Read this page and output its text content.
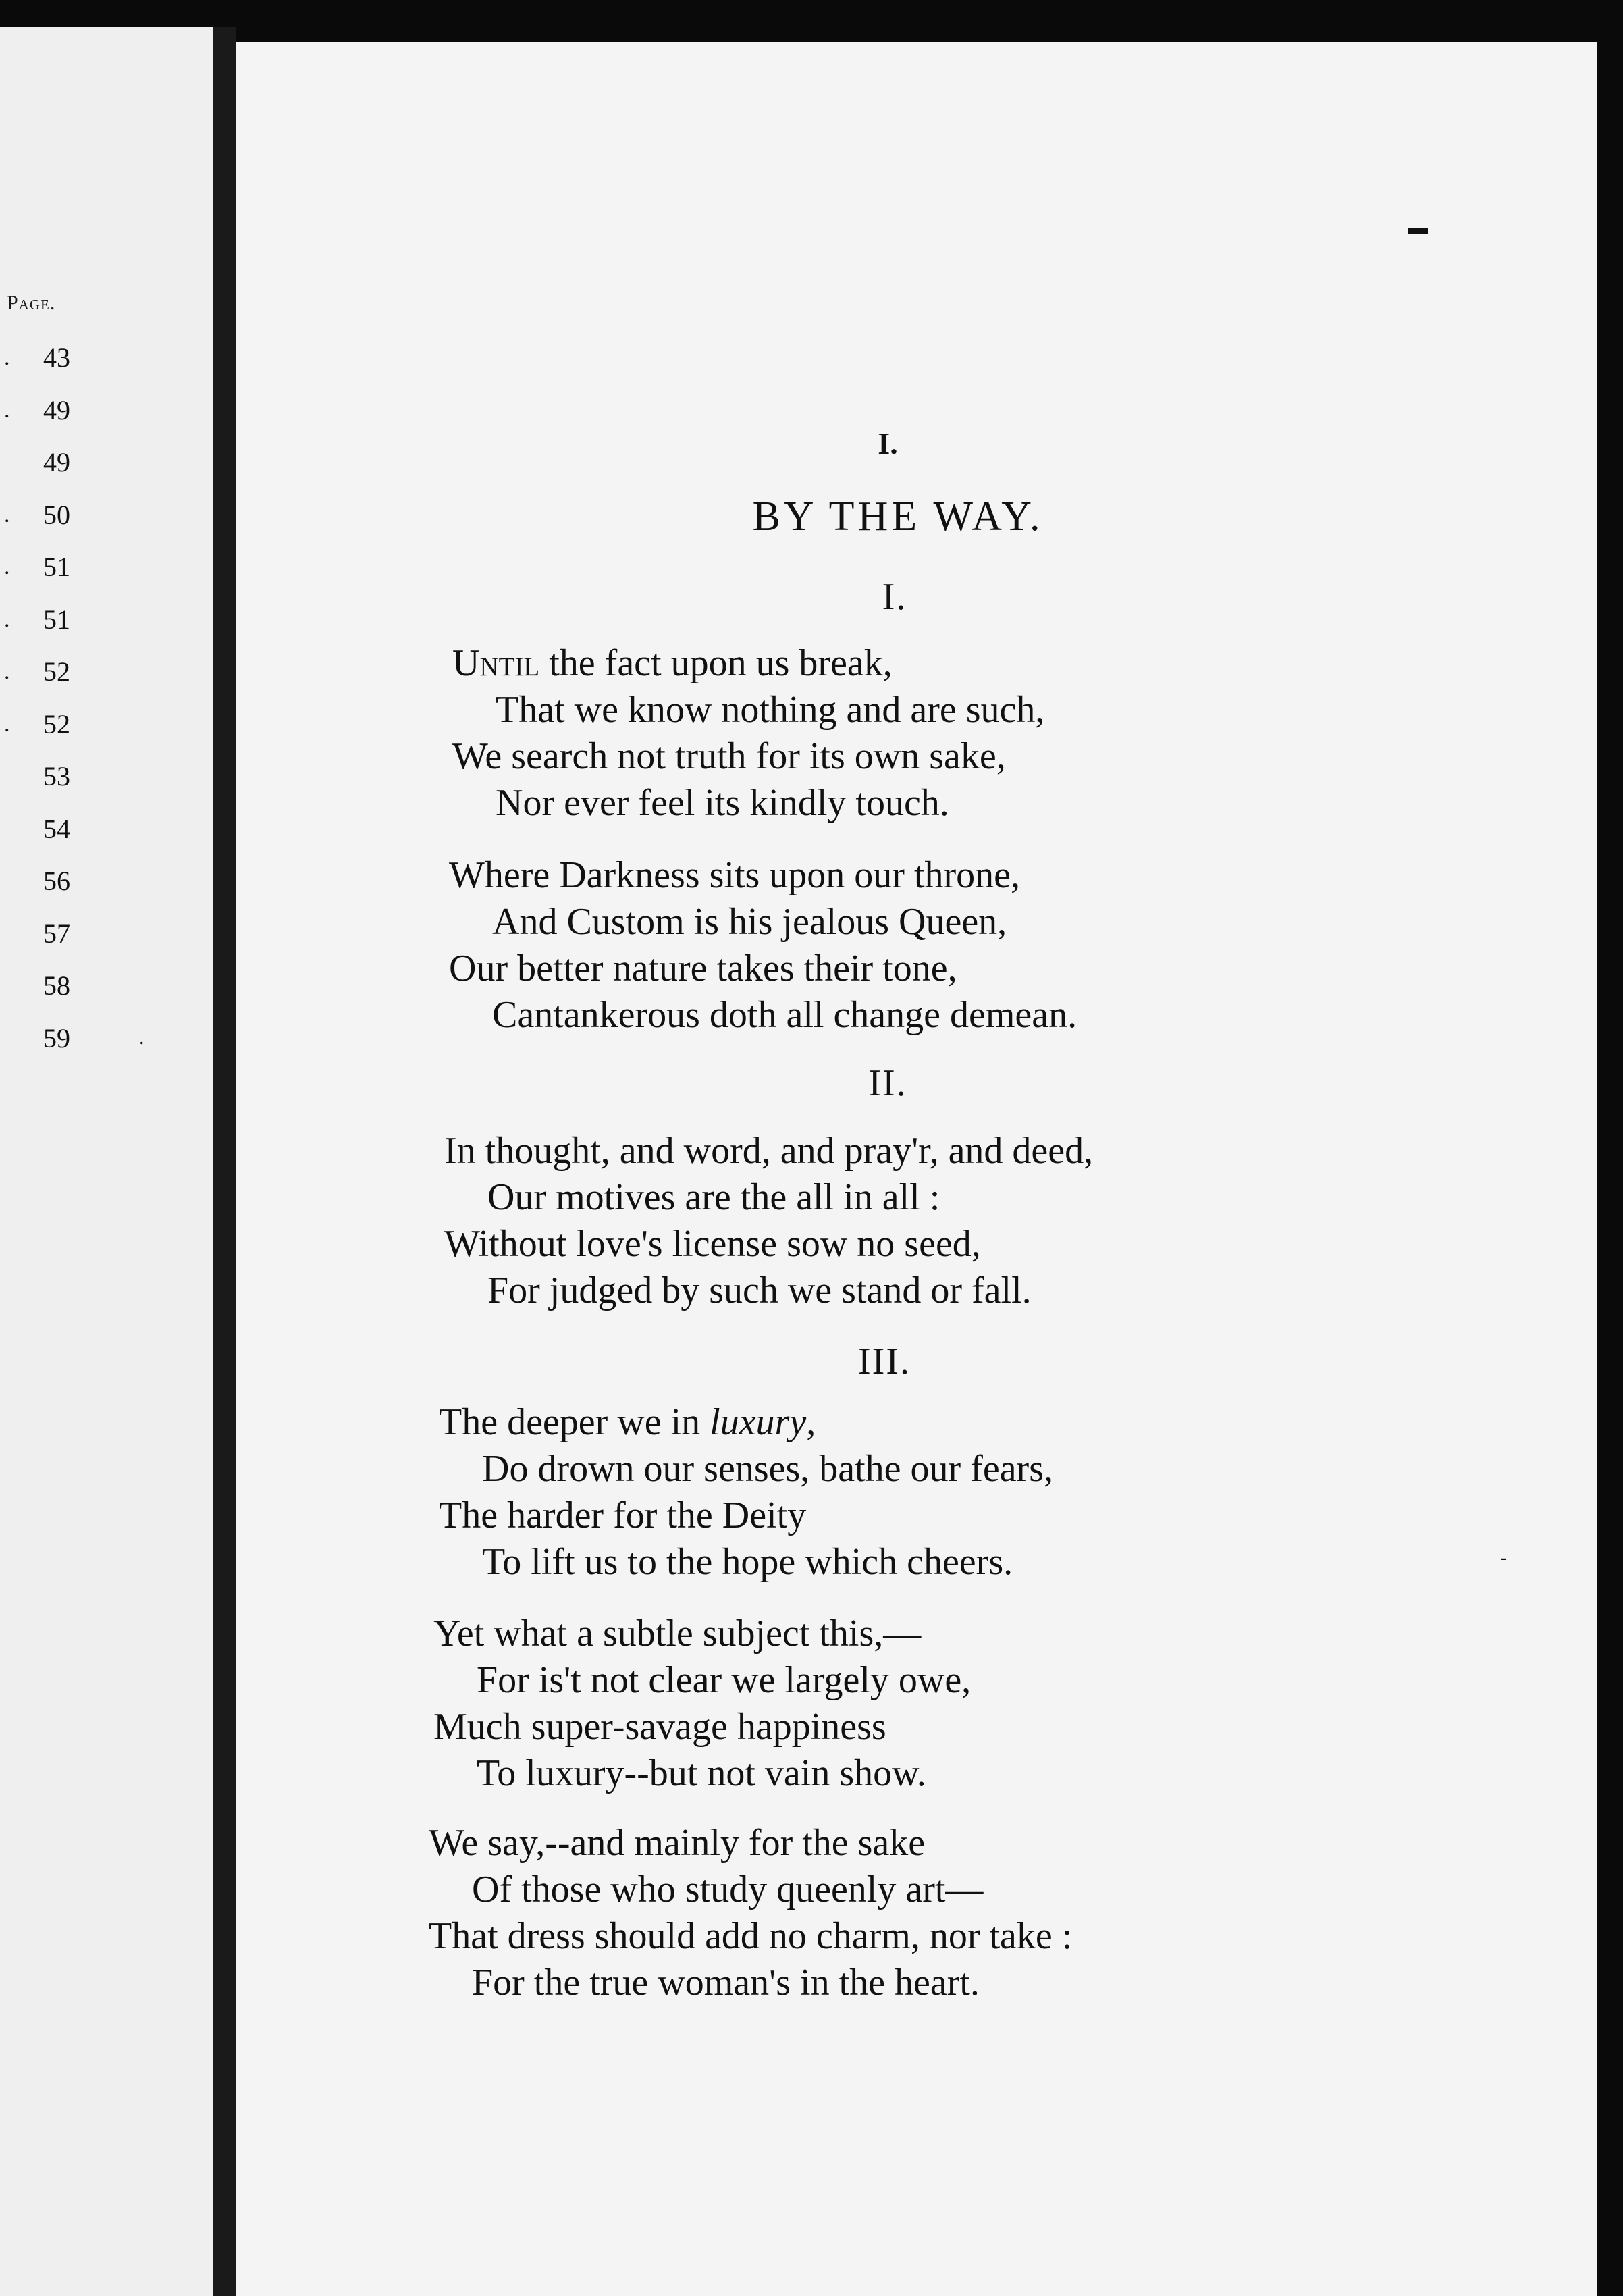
Page.
. 43
. 49
49
. 50
. 51
. 51
. 52
. 52
53
54
56
57
58
59	.
▬
-
I.
BY THE WAY.
I.
Until the fact upon us break,
That we know nothing and are such,
We search not truth for its own sake,
Nor ever feel its kindly touch.
Where Darkness sits upon our throne,
And Custom is his jealous Queen,
Our better nature takes their tone,
Cantankerous doth all change demean.
II.
In thought, and word, and pray'r, and deed,
Our motives are the all in all :
Without love's license sow no seed,
For judged by such we stand or fall.
III.
The deeper we in luxury,
Do drown our senses, bathe our fears,
The harder for the Deity
To lift us to the hope which cheers.
Yet what a subtle subject this,—
For is't not clear we largely owe,
Much super-savage happiness
To luxury--but not vain show.
We say,--and mainly for the sake
Of those who study queenly art—
That dress should add no charm, nor take :
For the true woman's in the heart.
